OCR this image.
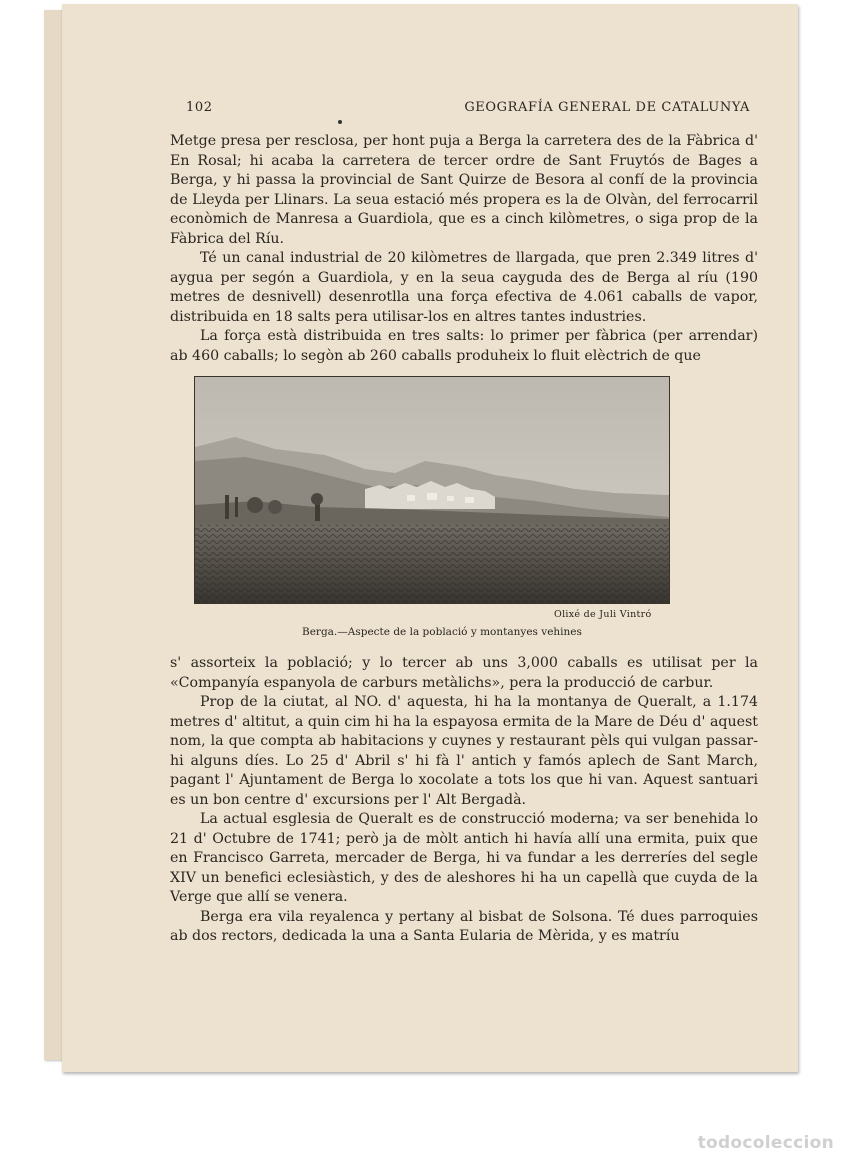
102	GEOGRAFÍA GENERAL DE CATALUNYA

Metge presa per resclosa, per hont puja a Berga la carretera des de la Fàbrica d' En Rosal; hi acaba la carretera de tercer ordre de Sant Fruytós de Bages a Berga, y hi passa la provincial de Sant Quirze de Besora al confí de la provincia de Lleyda per Llinars. La seua estació més propera es la de Olvàn, del ferrocarril econòmich de Manresa a Guardiola, que es a cinch kilòmetres, o siga prop de la Fàbrica del Ríu.

Té un canal industrial de 20 kilòmetres de llargada, que pren 2.349 litres d' aygua per segón a Guardiola, y en la seua cayguda des de Berga al ríu (190 metres de desnivell) desenrotlla una força efectiva de 4.061 caballs de vapor, distribuida en 18 salts pera utilisar-los en altres tantes industries.

La força està distribuida en tres salts: lo primer per fàbrica (per arrendar) ab 460 caballs; lo segòn ab 260 caballs produheix lo fluit elèctrich de que

Olixé de Juli Vintró
Berga.—Aspecte de la població y montanyes vehines

s' assorteix la població; y lo tercer ab uns 3,000 caballs es utilisat per la «Companyía espanyola de carburs metàlichs», pera la producció de carbur.

Prop de la ciutat, al NO. d' aquesta, hi ha la montanya de Queralt, a 1.174 metres d' altitut, a quin cim hi ha la espayosa ermita de la Mare de Déu d' aquest nom, la que compta ab habitacions y cuynes y restaurant pèls qui vulgan passar-hi alguns díes. Lo 25 d' Abril s' hi fà l' antich y famós aplech de Sant March, pagant l' Ajuntament de Berga lo xocolate a tots los que hi van. Aquest santuari es un bon centre d' excursions per l' Alt Bergadà.

La actual esglesia de Queralt es de construcció moderna; va ser benehida lo 21 d' Octubre de 1741; però ja de mòlt antich hi havía allí una ermita, puix que en Francisco Garreta, mercader de Berga, hi va fundar a les derreríes del segle XIV un benefici eclesiàstich, y des de aleshores hi ha un capellà que cuyda de la Verge que allí se venera.

Berga era vila reyalenca y pertany al bisbat de Solsona. Té dues parroquies ab dos rectors, dedicada la una a Santa Eularia de Mèrida, y es matríu

todocoleccion
